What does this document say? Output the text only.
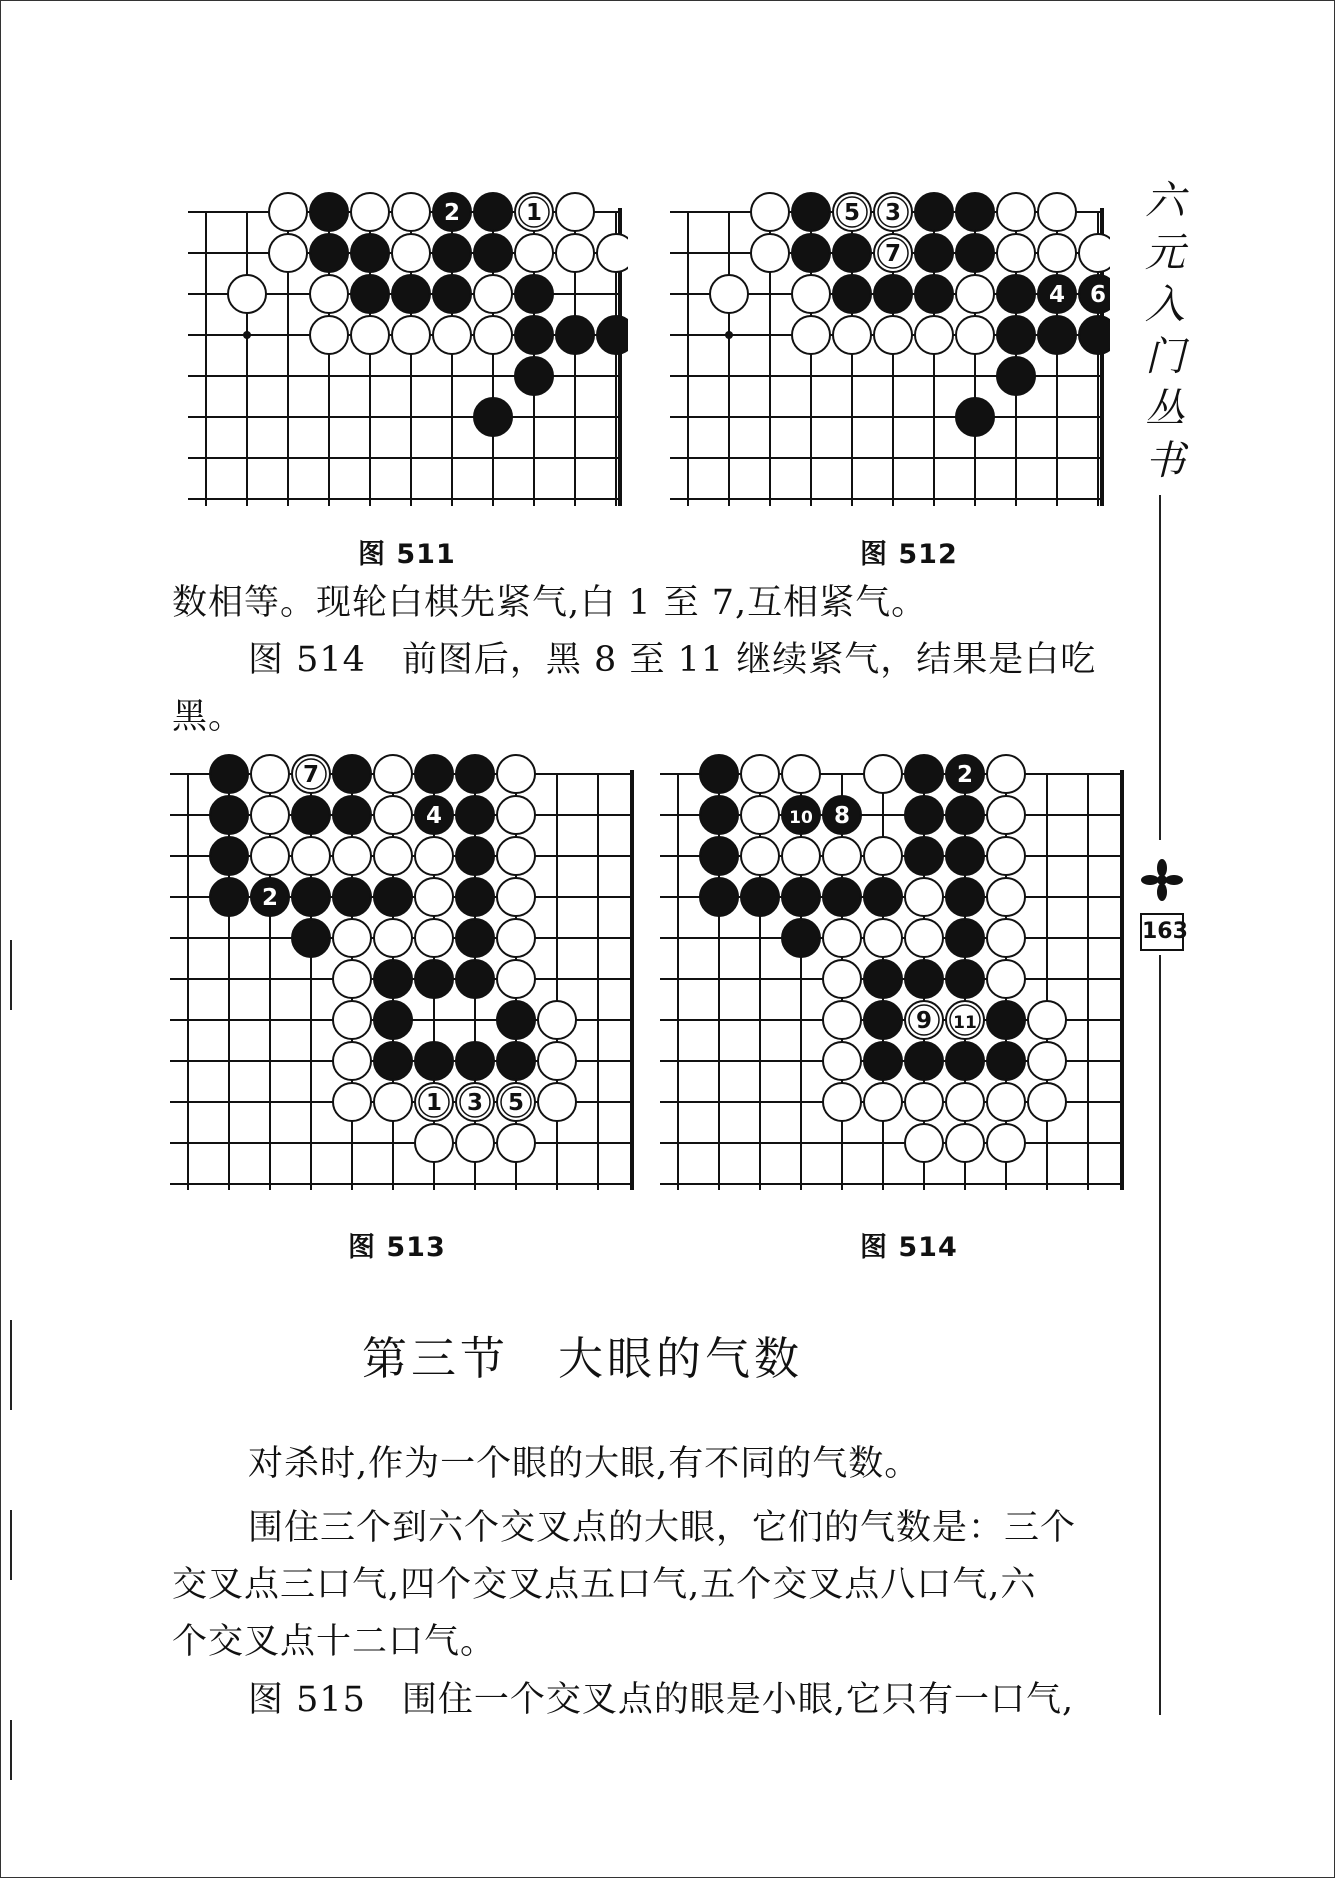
2	1
图 511
5 3
7
4 6
图 512
数相等。现轮白棋先紧气,白 1 至 7,互相紧气。
图 514　前图后，黑 8 至 11 继续紧气，结果是白吃
黑。
7
4
2
1 3 5
图 513
2
10 8
9 11
图 514
第三节　大眼的气数
对杀时,作为一个眼的大眼,有不同的气数。
围住三个到六个交叉点的大眼，它们的气数是：三个
交叉点三口气,四个交叉点五口气,五个交叉点八口气,六
个交叉点十二口气。
图 515　围住一个交叉点的眼是小眼,它只有一口气,
六元入门丛书
163
